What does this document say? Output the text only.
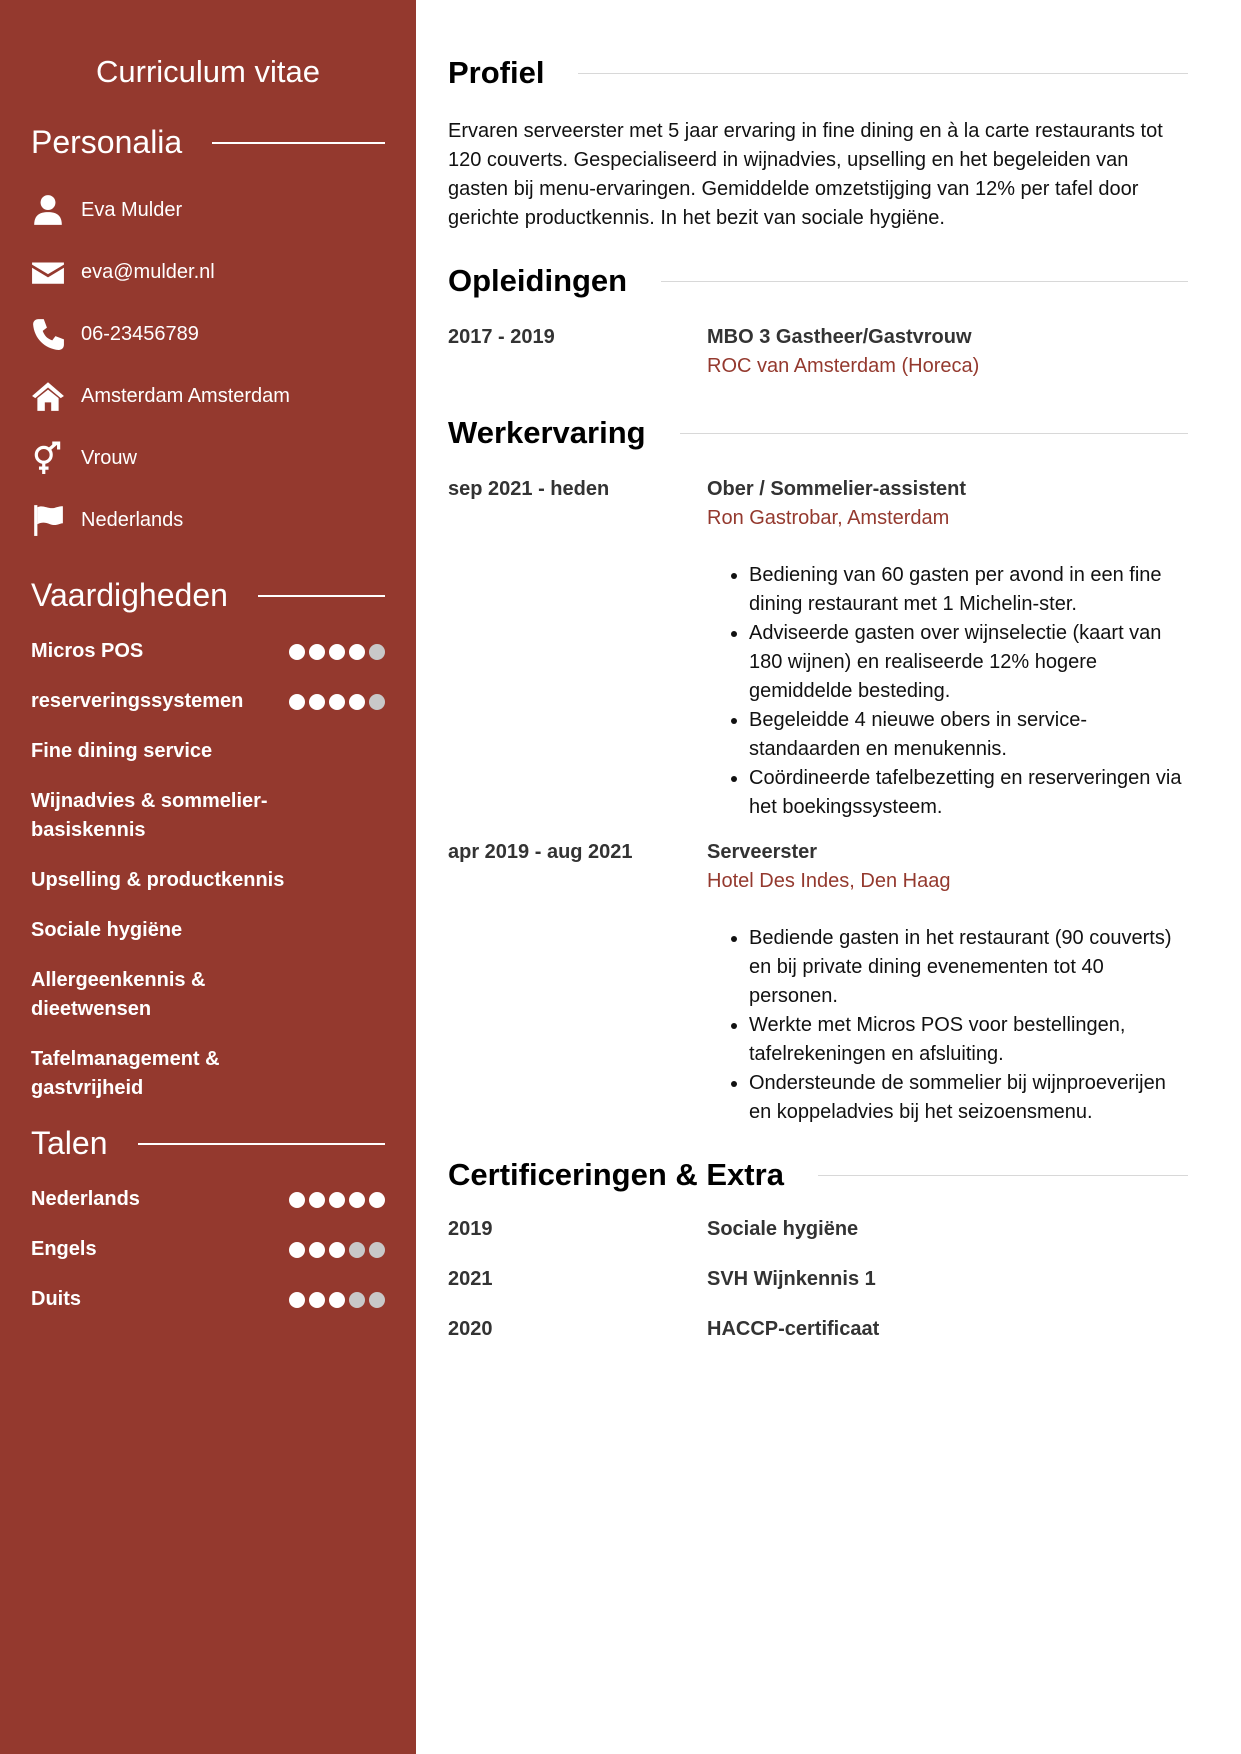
Curriculum vitae
Personalia
Eva Mulder
eva@mulder.nl
06-23456789
Amsterdam Amsterdam
Vrouw
Nederlands
Vaardigheden
Micros POS
reserveringssystemen
Fine dining service
Wijnadvies & sommelier-basiskennis
Upselling & productkennis
Sociale hygiëne
Allergeenkennis & dieetwensen
Tafelmanagement & gastvrijheid
Talen
Nederlands
Engels
Duits
Profiel

Ervaren serveerster met 5 jaar ervaring in fine dining en à la carte restaurants tot 120 couverts. Gespecialiseerd in wijnadvies, upselling en het begeleiden van gasten bij menu-ervaringen. Gemiddelde omzetstijging van 12% per tafel door gerichte productkennis. In het bezit van sociale hygiëne.

Opleidingen
2017 - 2019	MBO 3 Gastheer/Gastvrouw
ROC van Amsterdam (Horeca)
Werkervaring
sep 2021 - heden	Ober / Sommelier-assistent
Ron Gastrobar, Amsterdam
• Bediening van 60 gasten per avond in een fine dining restaurant met 1 Michelin-ster.
• Adviseerde gasten over wijnselectie (kaart van 180 wijnen) en realiseerde 12% hogere gemiddelde besteding.
• Begeleidde 4 nieuwe obers in service-standaarden en menukennis.
• Coördineerde tafelbezetting en reserveringen via het boekingssysteem.
apr 2019 - aug 2021	Serveerster
Hotel Des Indes, Den Haag
• Bediende gasten in het restaurant (90 couverts) en bij private dining evenementen tot 40 personen.
• Werkte met Micros POS voor bestellingen, tafelrekeningen en afsluiting.
• Ondersteunde de sommelier bij wijnproeverijen en koppeladvies bij het seizoensmenu.
Certificeringen & Extra
2019	Sociale hygiëne
2021	SVH Wijnkennis 1
2020	HACCP-certificaat
